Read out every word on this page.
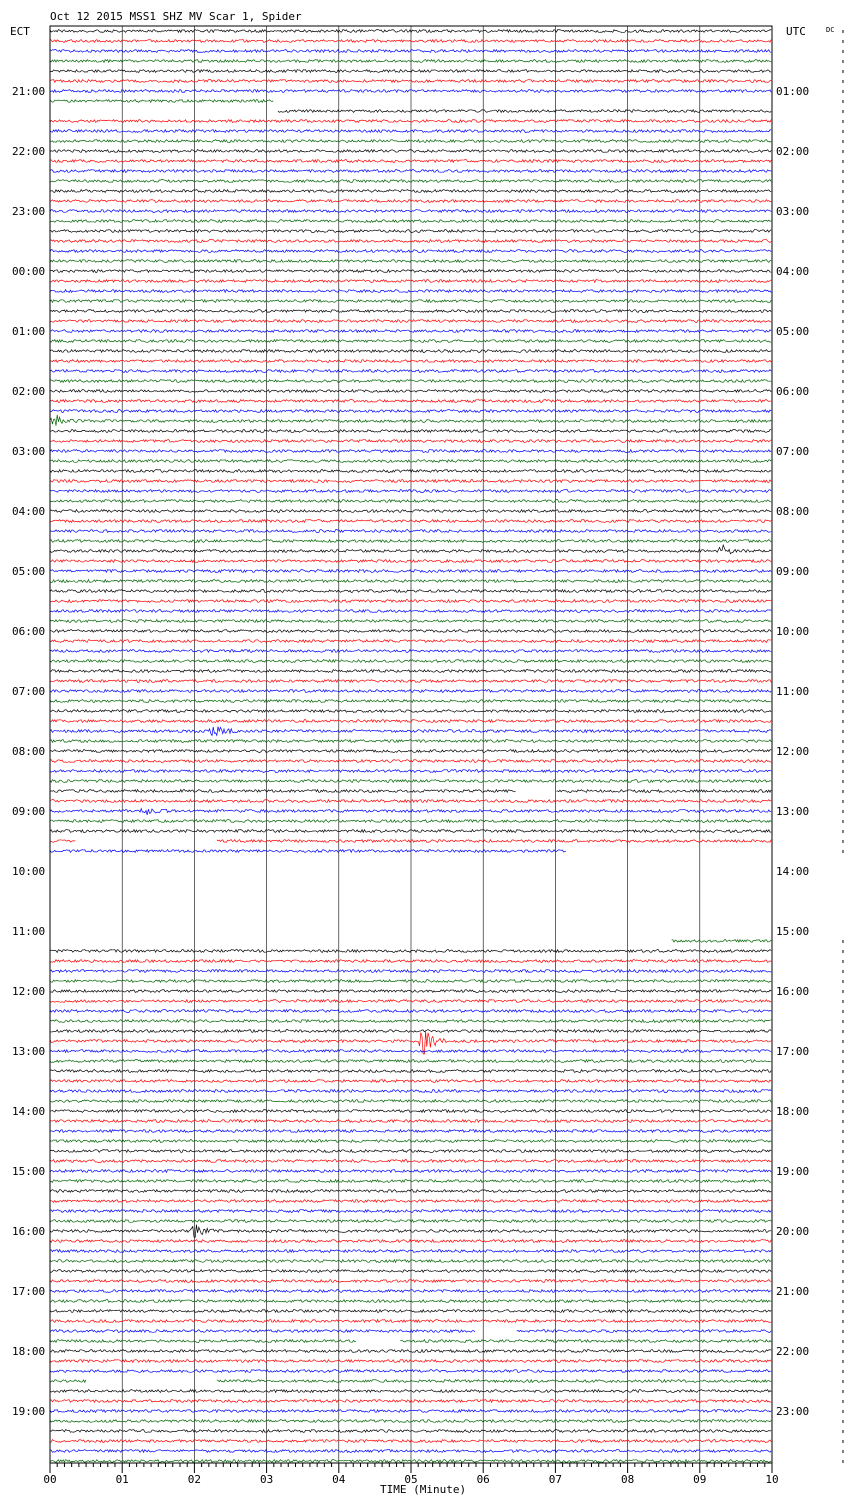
Oct 12 2015 MSS1 SHZ MV Scar 1, Spider
ECT	UTC	DC
21:00
22:00
23:00
00:00
01:00
02:00
03:00
04:00
05:00
06:00
07:00
08:00
09:00
10:00
11:00
12:00
13:00
14:00
15:00
16:00
17:00
18:00
19:00
01:00
02:00
03:00
04:00
05:00
06:00
07:00
08:00
09:00
10:00
11:00
12:00
13:00
14:00
15:00
16:00
17:00
18:00
19:00
20:00
21:00
22:00
23:00
00	01	02	03	04	05	06	07	08	09	10
TIME (Minute)
